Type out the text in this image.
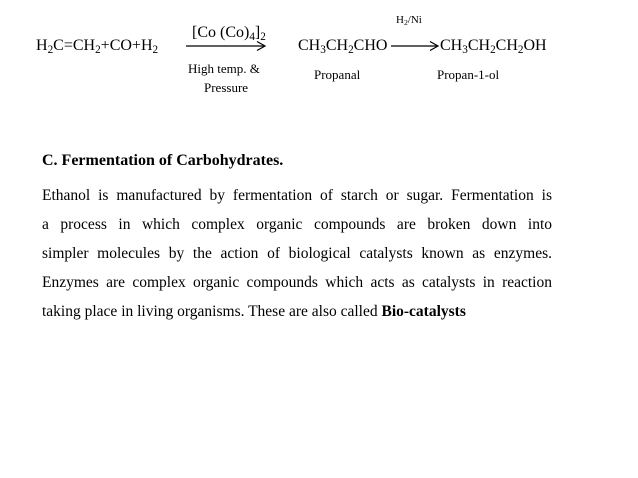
$H_2C=CH_2+CO+H_2$
[Co $(Co)_4]_2$
High temp. &
Pressure
$CH_3CH_2CHO$
Propanal
$H_2/Ni$
→ $CH_3CH_2CH_2OH$
Propan-1-ol
C. Fermentation of Carbohydrates.
Ethanol is manufactured by fermentation of starch or sugar. Fermentation is
a process in which complex organic compounds are broken down into
simpler molecules by the action of biological catalysts known as enzymes.
Enzymes are complex organic compounds which acts as catalysts in reaction
taking place in living organisms. These are also called Bio-catalysts
